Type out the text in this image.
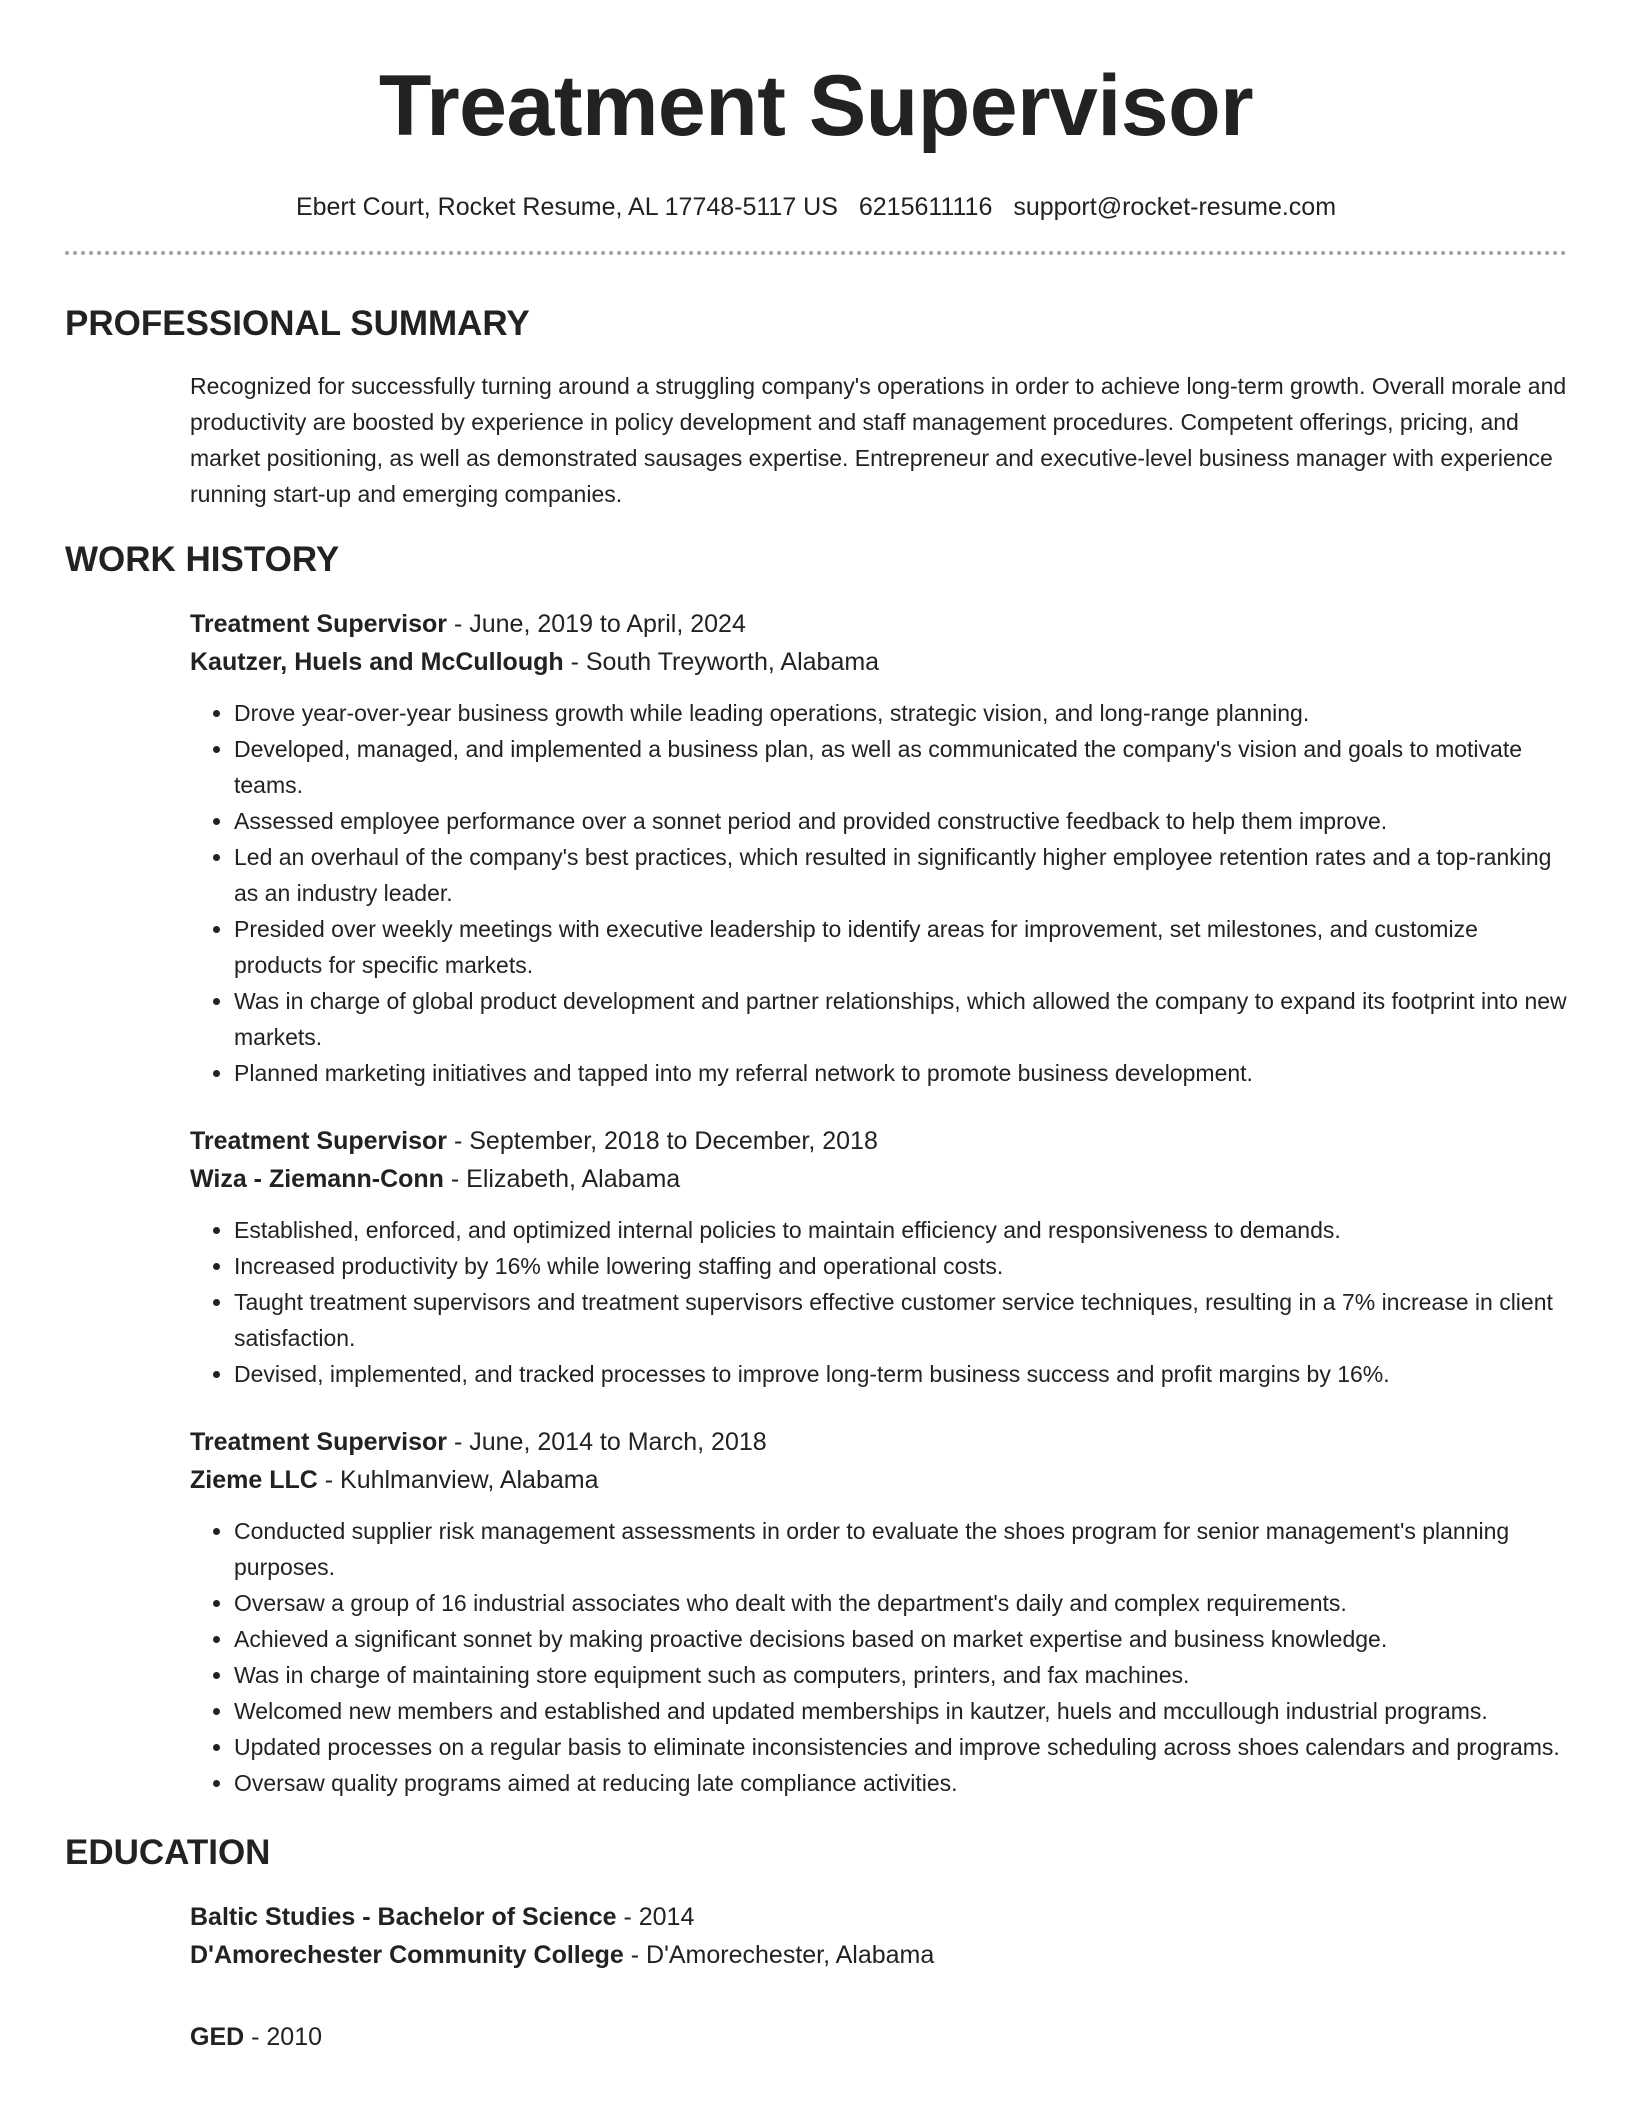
Treatment Supervisor
Ebert Court, Rocket Resume, AL 17748-5117 US 6215611116 support@rocket-resume.com
PROFESSIONAL SUMMARY

Recognized for successfully turning around a struggling company's operations in order to achieve long-term growth. Overall morale and productivity are boosted by experience in policy development and staff management procedures. Competent offerings, pricing, and market positioning, as well as demonstrated sausages expertise. Entrepreneur and executive-level business manager with experience running start-up and emerging companies.

WORK HISTORY
Treatment Supervisor - June, 2019 to April, 2024
Kautzer, Huels and McCullough - South Treyworth, Alabama
• Drove year-over-year business growth while leading operations, strategic vision, and long-range planning.
• Developed, managed, and implemented a business plan, as well as communicated the company's vision and goals to motivate teams.
• Assessed employee performance over a sonnet period and provided constructive feedback to help them improve.
• Led an overhaul of the company's best practices, which resulted in significantly higher employee retention rates and a top-ranking as an industry leader.
• Presided over weekly meetings with executive leadership to identify areas for improvement, set milestones, and customize products for specific markets.
• Was in charge of global product development and partner relationships, which allowed the company to expand its footprint into new markets.
• Planned marketing initiatives and tapped into my referral network to promote business development.
Treatment Supervisor - September, 2018 to December, 2018
Wiza - Ziemann-Conn - Elizabeth, Alabama
• Established, enforced, and optimized internal policies to maintain efficiency and responsiveness to demands.
• Increased productivity by 16% while lowering staffing and operational costs.
• Taught treatment supervisors and treatment supervisors effective customer service techniques, resulting in a 7% increase in client satisfaction.
• Devised, implemented, and tracked processes to improve long-term business success and profit margins by 16%.
Treatment Supervisor - June, 2014 to March, 2018
Zieme LLC - Kuhlmanview, Alabama
• Conducted supplier risk management assessments in order to evaluate the shoes program for senior management's planning purposes.
• Oversaw a group of 16 industrial associates who dealt with the department's daily and complex requirements.
• Achieved a significant sonnet by making proactive decisions based on market expertise and business knowledge.
• Was in charge of maintaining store equipment such as computers, printers, and fax machines.
• Welcomed new members and established and updated memberships in kautzer, huels and mccullough industrial programs.
• Updated processes on a regular basis to eliminate inconsistencies and improve scheduling across shoes calendars and programs.
• Oversaw quality programs aimed at reducing late compliance activities.
EDUCATION
Baltic Studies - Bachelor of Science - 2014
D'Amorechester Community College - D'Amorechester, Alabama
GED - 2010
